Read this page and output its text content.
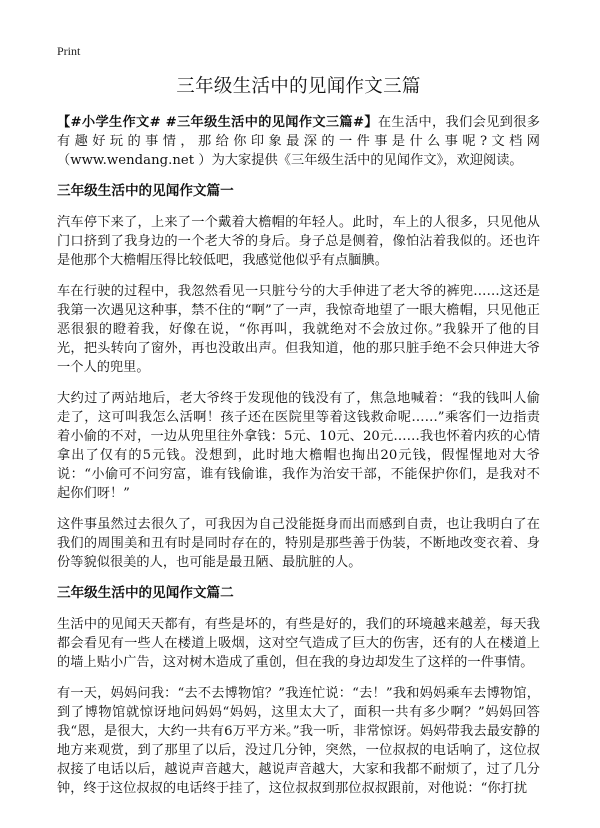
Print
三年级生活中的见闻作文三篇

【#小学生作文# #三年级生活中的见闻作文三篇#】在生活中，我们会见到很多有趣好玩的事情，那给你印象最深的一件事是什么事呢?文档网（www.wendang.net ）为大家提供《三年级生活中的见闻作文》，欢迎阅读。

三年级生活中的见闻作文篇一

汽车停下来了，上来了一个戴着大檐帽的年轻人。此时，车上的人很多，只见他从门口挤到了我身边的一个老大爷的身后。身子总是侧着，像怕沾着我似的。还也许是他那个大檐帽压得比较低吧，我感觉他似乎有点腼腆。

车在行驶的过程中，我忽然看见一只脏兮兮的大手伸进了老大爷的裤兜……这还是我第一次遇见这种事，禁不住的“啊”了一声，我惊奇地望了一眼大檐帽，只见他正恶很狠的瞪着我，好像在说，“你再叫，我就绝对不会放过你。”我躲开了他的目光，把头转向了窗外，再也没敢出声。但我知道，他的那只脏手绝不会只伸进大爷一个人的兜里。

大约过了两站地后，老大爷终于发现他的钱没有了，焦急地喊着：“我的钱叫人偷走了，这可叫我怎么活啊！孩子还在医院里等着这钱救命呢……”乘客们一边指责着小偷的不对，一边从兜里往外拿钱：5元、10元、20元……我也怀着内疚的心情拿出了仅有的5元钱。没想到，此时地大檐帽也掏出20元钱，假惺惺地对大爷说：“小偷可不问穷富，谁有钱偷谁，我作为治安干部，不能保护你们，是我对不起你们呀！”

这件事虽然过去很久了，可我因为自己没能挺身而出而感到自责，也让我明白了在我们的周围美和丑有时是同时存在的，特别是那些善于伪装，不断地改变衣着、身份等貌似很美的人，也可能是最丑陋、最肮脏的人。

三年级生活中的见闻作文篇二

生活中的见闻天天都有，有些是坏的，有些是好的，我们的环境越来越差，每天我都会看见有一些人在楼道上吸烟，这对空气造成了巨大的伤害，还有的人在楼道上的墙上贴小广告，这对树木造成了重创，但在我的身边却发生了这样的一件事情。

有一天，妈妈问我：“去不去博物馆？”我连忙说：“去！”我和妈妈乘车去博物馆，到了博物馆就惊讶地问妈妈“妈妈，这里太大了，面积一共有多少啊？”妈妈回答我“恩，是很大，大约一共有6万平方米。”我一听，非常惊讶。妈妈带我去最安静的地方来观赏，到了那里了以后，没过几分钟，突然，一位叔叔的电话响了，这位叔叔接了电话以后，越说声音越大，越说声音越大，大家和我都不耐烦了，过了几分钟，终于这位叔叔的电话终于挂了，这位叔叔到那位叔叔跟前，对他说：“你打扰
